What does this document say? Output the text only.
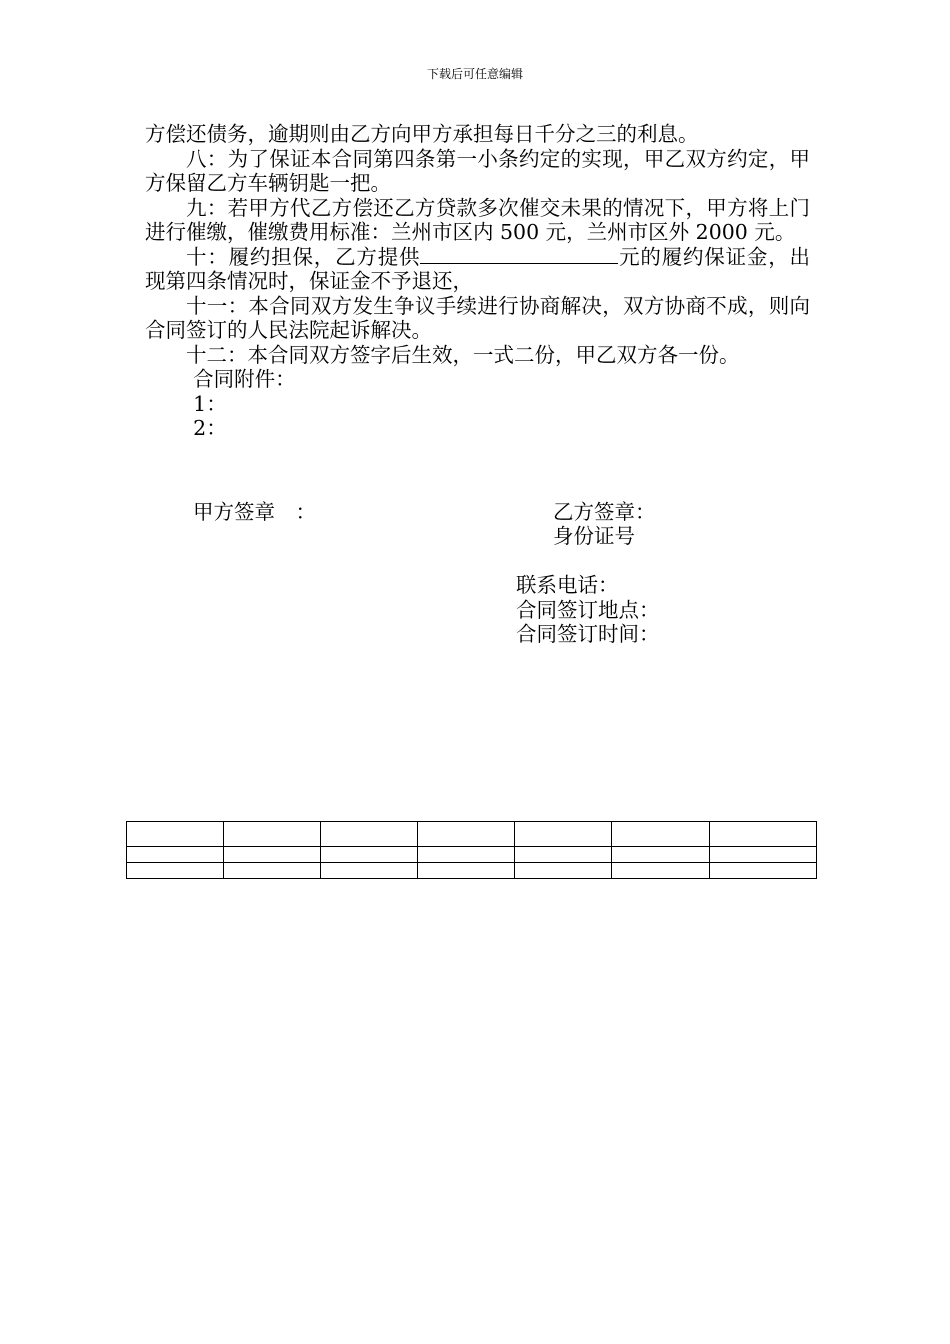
下载后可任意编辑

方偿还债务，逾期则由乙方向甲方承担每日千分之三的利息。

八：为了保证本合同第四条第一小条约定的实现，甲乙双方约定，甲方保留乙方车辆钥匙一把。

九：若甲方代乙方偿还乙方贷款多次催交未果的情况下，甲方将上门进行催缴，催缴费用标准：兰州市区内 500 元，兰州市区外 2000 元。

十：履约担保，乙方提供	元的履约保证金，出现第四条情况时，保证金不予退还，

十一：本合同双方发生争议手续进行协商解决，双方协商不成，则向合同签订的人民法院起诉解决。

十二：本合同双方签字后生效，一式二份，甲乙双方各一份。

合同附件：

1：

2：

甲方签章　：	乙方签章：
身份证号
联系电话：
合同签订地点：
合同签订时间：
